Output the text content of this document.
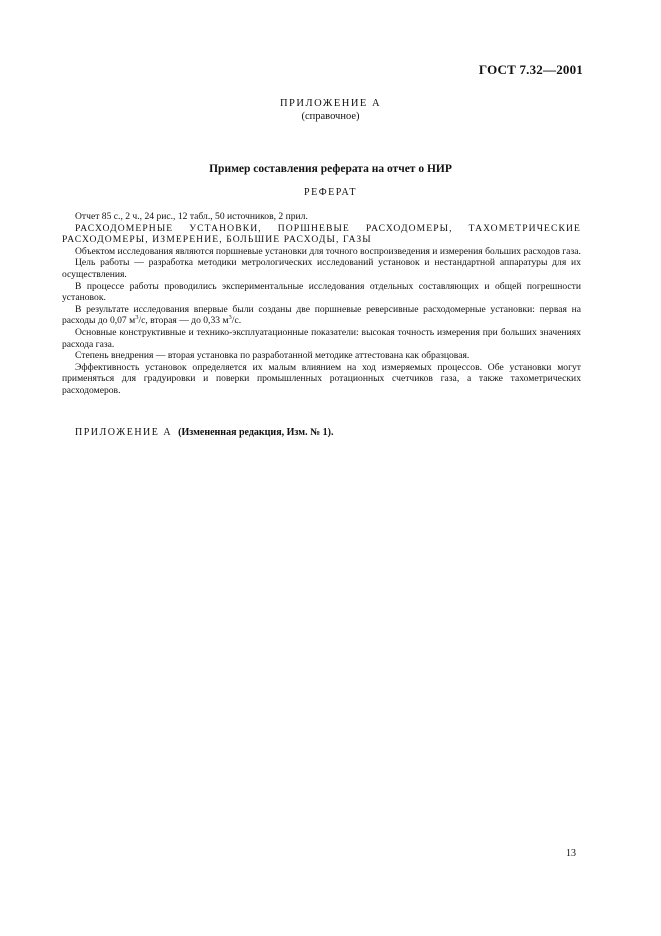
ГОСТ 7.32—2001
ПРИЛОЖЕНИЕ А
(справочное)
Пример составления реферата на отчет о НИР
РЕФЕРАТ

Отчет 85 с., 2 ч., 24 рис., 12 табл., 50 источников, 2 прил.

РАСХОДОМЕРНЫЕ УСТАНОВКИ, ПОРШНЕВЫЕ РАСХОДОМЕРЫ, ТАХОМЕТРИЧЕСКИЕ РАСХОДОМЕРЫ, ИЗМЕРЕНИЕ, БОЛЬШИЕ РАСХОДЫ, ГАЗЫ

Объектом исследования являются поршневые установки для точного воспроизведения и измерения больших расходов газа.

Цель работы — разработка методики метрологических исследований установок и нестандартной аппаратуры для их осуществления.

В процессе работы проводились экспериментальные исследования отдельных составляющих и общей погрешности установок.

В результате исследования впервые были созданы две поршневые реверсивные расходомерные установки: первая на расходы до 0,07 $м^3/с$, вторая — до 0,33 $м^3/с$.

Основные конструктивные и технико-эксплуатационные показатели: высокая точность измерения при больших значениях расхода газа.

Степень внедрения — вторая установка по разработанной методике аттестована как образцовая.

Эффективность установок определяется их малым влиянием на ход измеряемых процессов. Обе установки могут применяться для градуировки и поверки промышленных ротационных счетчиков газа, а также тахометрических расходомеров.

ПРИЛОЖЕНИЕ А (Измененная редакция, Изм. № 1).
13
